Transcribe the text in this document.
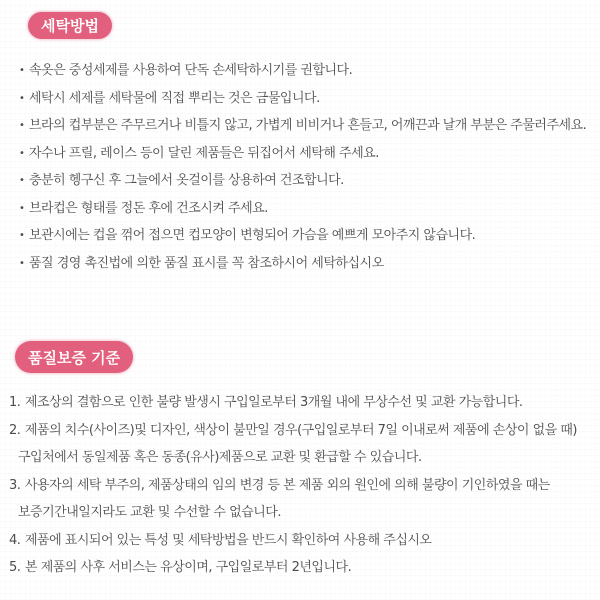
세탁방법
• 속옷은 중성세제를 사용하여 단독 손세탁하시기를 권합니다.
• 세탁시 세제를 세탁물에 직접 뿌리는 것은 금물입니다.
• 브라의 컵부분은 주무르거나 비틀지 않고, 가볍게 비비거나 흔들고, 어깨끈과 날개 부분은 주물러주세요.
• 자수나 프릴, 레이스 등이 달린 제품들은 뒤집어서 세탁해 주세요.
• 충분히 헹구신 후 그늘에서 옷걸이를 상용하여 건조합니다.
• 브라컵은 형태를 정돈 후에 건조시켜 주세요.
• 보관시에는 컵을 꺾어 접으면 컵모양이 변형되어 가슴을 예쁘게 모아주지 않습니다.
• 품질 경영 촉진법에 의한 품질 표시를 꼭 참조하시어 세탁하십시오
품질보증 기준
1. 제조상의 결함으로 인한 불량 발생시 구입일로부터 3개월 내에 무상수선 및 교환 가능합니다.
2. 제품의 치수(사이즈)및 디자인, 색상이 불만일 경우(구입일로부터 7일 이내로써 제품에 손상이 없을 때)
구입처에서 동일제품 혹은 동종(유사)제품으로 교환 및 환급할 수 있습니다.
3. 사용자의 세탁 부주의, 제품상태의 임의 변경 등 본 제품 외의 원인에 의해 불량이 기인하였을 때는
보증기간내일지라도 교환 및 수선할 수 없습니다.
4. 제품에 표시되어 있는 특성 및 세탁방법을 반드시 확인하여 사용해 주십시오
5. 본 제품의 사후 서비스는 유상이며, 구입일로부터 2년입니다.
